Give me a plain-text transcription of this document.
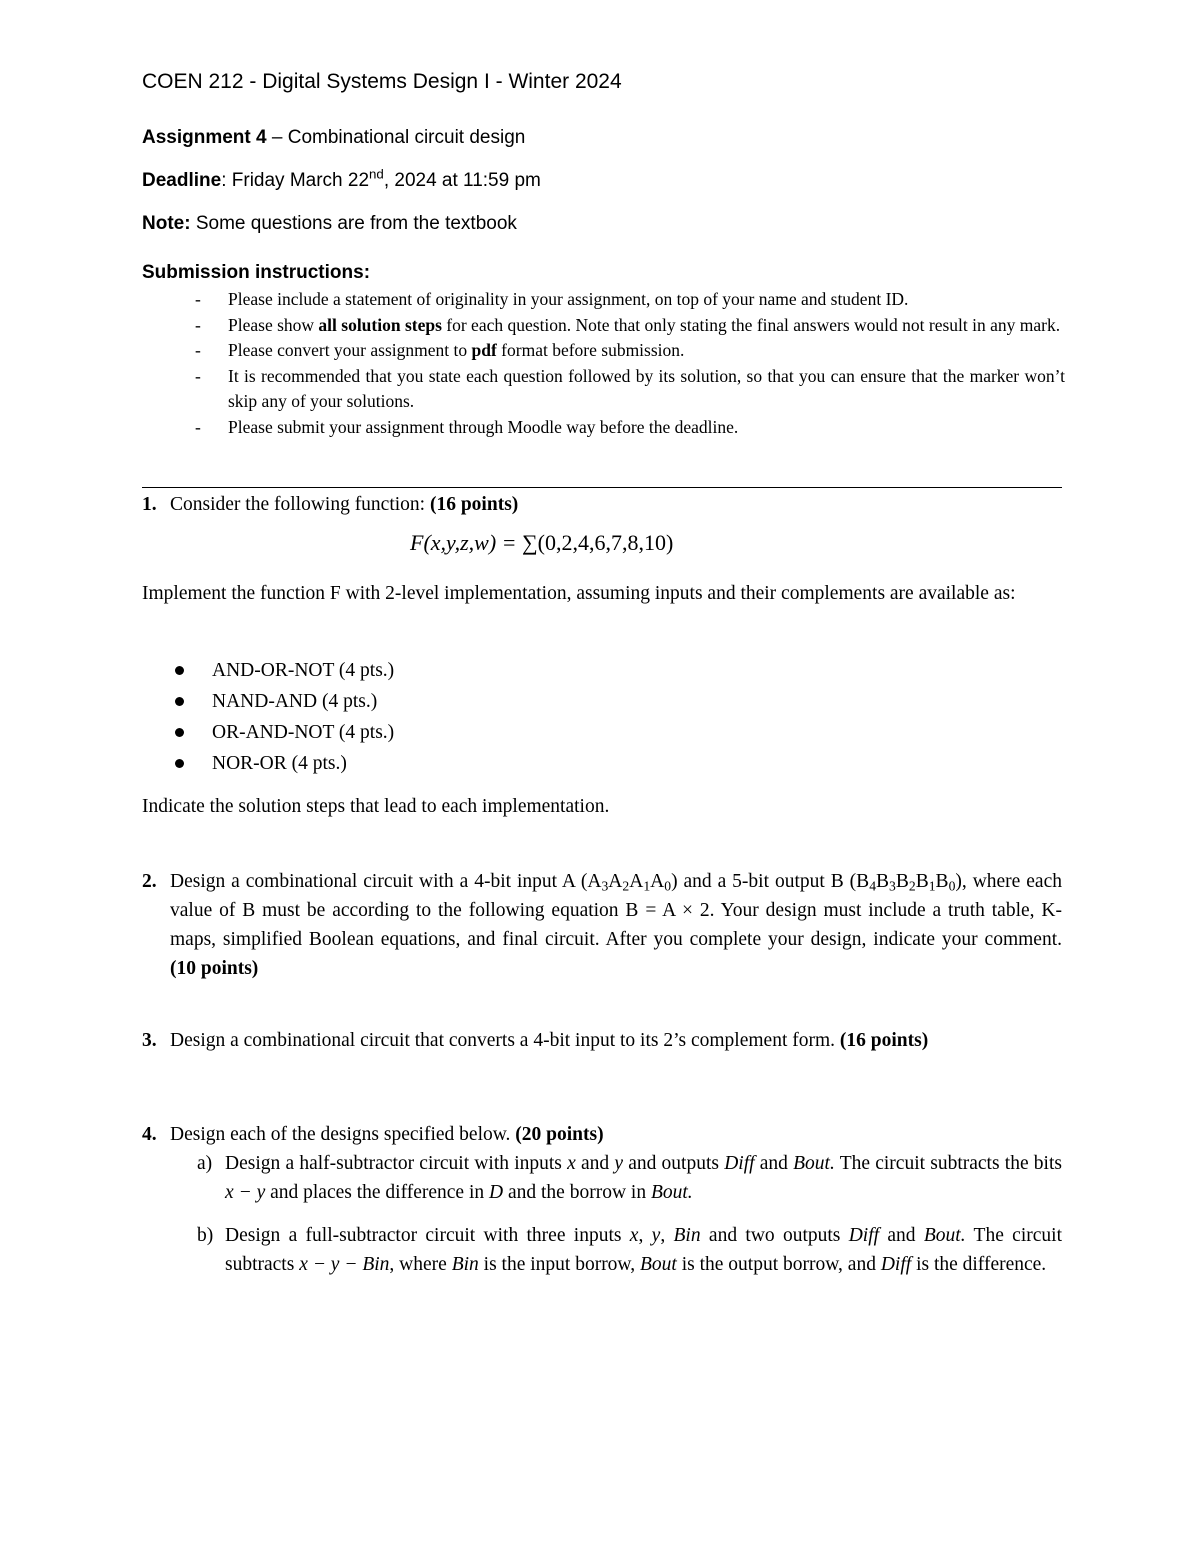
COEN 212 - Digital Systems Design I - Winter 2024
Assignment 4 – Combinational circuit design
Deadline: Friday March 22nd, 2024 at 11:59 pm
Note: Some questions are from the textbook
Submission instructions:
- Please include a statement of originality in your assignment, on top of your name and student ID.
- Please show all solution steps for each question. Note that only stating the final answers would not result in any mark.
- Please convert your assignment to pdf format before submission.
- It is recommended that you state each question followed by its solution, so that you can ensure that the marker won’t skip any of your solutions.
- Please submit your assignment through Moodle way before the deadline.
1. Consider the following function: (16 points)
F(x,y,z,w) = ∑(0,2,4,6,7,8,10)
Implement the function F with 2-level implementation, assuming inputs and their complements are available as:
AND-OR-NOT (4 pts.)
NAND-AND (4 pts.)
OR-AND-NOT (4 pts.)
NOR-OR (4 pts.)
Indicate the solution steps that lead to each implementation.
2. Design a combinational circuit with a 4-bit input A $(A_3A_2A_1A_0)$ and a 5-bit output B $(B_4B_3B_2B_1B_0)$, where each value of B must be according to the following equation B = A × 2. Your design must include a truth table, K-maps, simplified Boolean equations, and final circuit. After you complete your design, indicate your comment. (10 points)
3. Design a combinational circuit that converts a 4-bit input to its 2’s complement form. (16 points)
4. Design each of the designs specified below. (20 points)
a) Design a half-subtractor circuit with inputs x and y and outputs Diff and Bout. The circuit subtracts the bits x − y and places the difference in D and the borrow in Bout.
b) Design a full-subtractor circuit with three inputs x, y, Bin and two outputs Diff and Bout. The circuit subtracts x − y − Bin, where Bin is the input borrow, Bout is the output borrow, and Diff is the difference.
